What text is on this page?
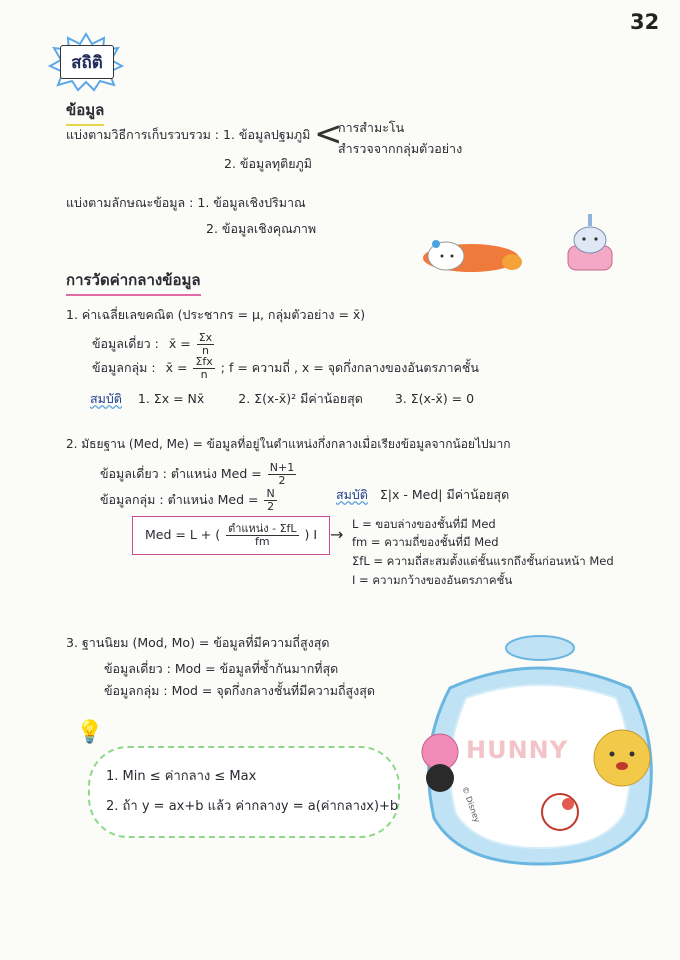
32
สถิติ
ข้อมูล
แบ่งตามวิธีการเก็บรวบรวม : 1. ข้อมูลปฐมภูมิ <
การสำมะโน
สำรวจจากกลุ่มตัวอย่าง
2. ข้อมูลทุติยภูมิ
แบ่งตามลักษณะข้อมูล : 1. ข้อมูลเชิงปริมาณ
2. ข้อมูลเชิงคุณภาพ
การวัดค่ากลางข้อมูล
1. ค่าเฉลี่ยเลขคณิต (ประชากร = μ, กลุ่มตัวอย่าง = x̄)
ข้อมูลเดี่ยว : x̄ = $\frac{\Sigma x}{n}$
ข้อมูลกลุ่ม : x̄ = $\frac{\text{Σfx}}{n}$ ; f = ความถี่ , x = จุดกึ่งกลางของอันตรภาคชั้น
สมบัติ 1. Σx = Nx̄	2. Σ(x-x̄)² มีค่าน้อยสุด	3. Σ(x-x̄) = 0
2. มัธยฐาน (Med, Me) = ข้อมูลที่อยู่ในตำแหน่งกึ่งกลางเมื่อเรียงข้อมูลจากน้อยไปมาก
ข้อมูลเดี่ยว : ตำแหน่ง Med = $\frac{N+1}{2}$
ข้อมูลกลุ่ม : ตำแหน่ง Med = $\frac{N}{2}$	สมบัติ Σ|x - Med| มีค่าน้อยสุด
Med = L + ( $\frac{\text{ตำแหน่ง - ΣfL}}{fm}$ ) I →
L = ขอบล่างของชั้นที่มี Med
fm = ความถี่ของชั้นที่มี Med
ΣfL = ความถี่สะสมตั้งแต่ชั้นแรกถึงชั้นก่อนหน้า Med
I = ความกว้างของอันตรภาคชั้น
3. ฐานนิยม (Mod, Mo) = ข้อมูลที่มีความถี่สูงสุด
ข้อมูลเดี่ยว : Mod = ข้อมูลที่ซ้ำกันมากที่สุด
ข้อมูลกลุ่ม : Mod = จุดกึ่งกลางชั้นที่มีความถี่สูงสุด
💡
1. Min ≤ ค่ากลาง ≤ Max
2. ถ้า y = ax+b แล้ว ค่ากลางy = a(ค่ากลางx)+b
HUNNY
© Disney
